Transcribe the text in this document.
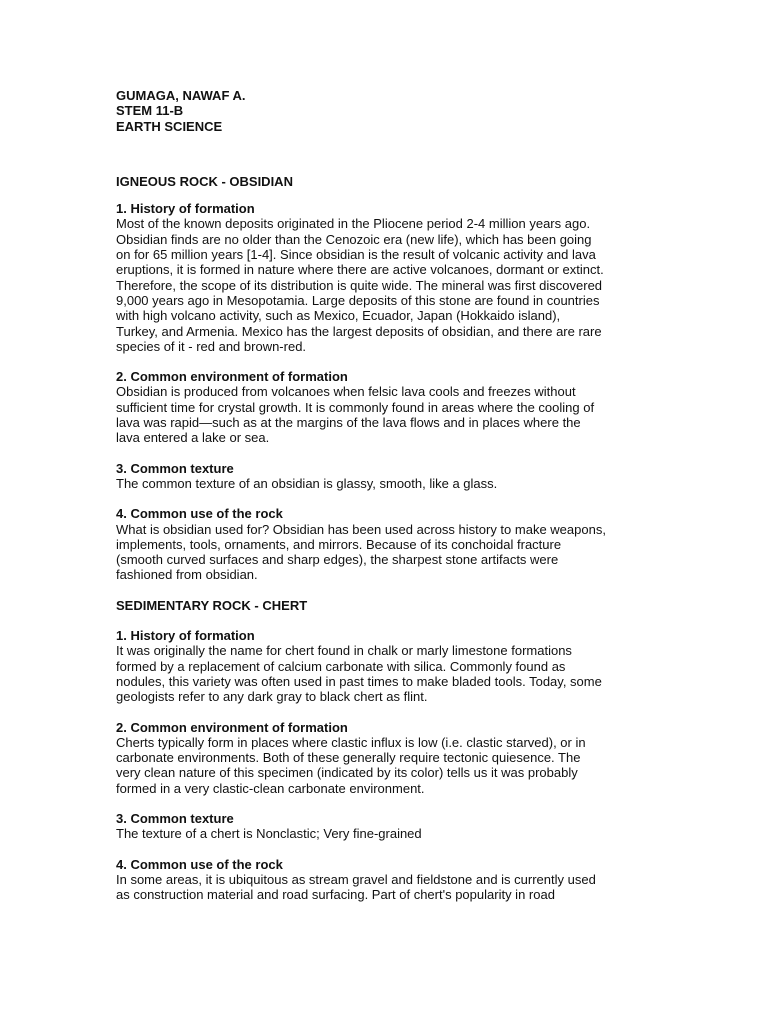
GUMAGA, NAWAF A.
STEM 11-B
EARTH SCIENCE
IGNEOUS ROCK - OBSIDIAN
1. History of formation
Most of the known deposits originated in the Pliocene period 2-4 million years ago.
Obsidian finds are no older than the Cenozoic era (new life), which has been going
on for 65 million years [1-4]. Since obsidian is the result of volcanic activity and lava
eruptions, it is formed in nature where there are active volcanoes, dormant or extinct.
Therefore, the scope of its distribution is quite wide. The mineral was first discovered
9,000 years ago in Mesopotamia. Large deposits of this stone are found in countries
with high volcano activity, such as Mexico, Ecuador, Japan (Hokkaido island),
Turkey, and Armenia. Mexico has the largest deposits of obsidian, and there are rare
species of it - red and brown-red.
2. Common environment of formation
Obsidian is produced from volcanoes when felsic lava cools and freezes without
sufficient time for crystal growth. It is commonly found in areas where the cooling of
lava was rapid—such as at the margins of the lava flows and in places where the
lava entered a lake or sea.
3. Common texture
The common texture of an obsidian is glassy, smooth, like a glass.
4. Common use of the rock
What is obsidian used for? Obsidian has been used across history to make weapons,
implements, tools, ornaments, and mirrors. Because of its conchoidal fracture
(smooth curved surfaces and sharp edges), the sharpest stone artifacts were
fashioned from obsidian.
SEDIMENTARY ROCK - CHERT
1. History of formation
It was originally the name for chert found in chalk or marly limestone formations
formed by a replacement of calcium carbonate with silica. Commonly found as
nodules, this variety was often used in past times to make bladed tools. Today, some
geologists refer to any dark gray to black chert as flint.
2. Common environment of formation
Cherts typically form in places where clastic influx is low (i.e. clastic starved), or in
carbonate environments. Both of these generally require tectonic quiesence. The
very clean nature of this specimen (indicated by its color) tells us it was probably
formed in a very clastic-clean carbonate environment.
3. Common texture
The texture of a chert is Nonclastic; Very fine-grained
4. Common use of the rock
In some areas, it is ubiquitous as stream gravel and fieldstone and is currently used
as construction material and road surfacing. Part of chert's popularity in road
